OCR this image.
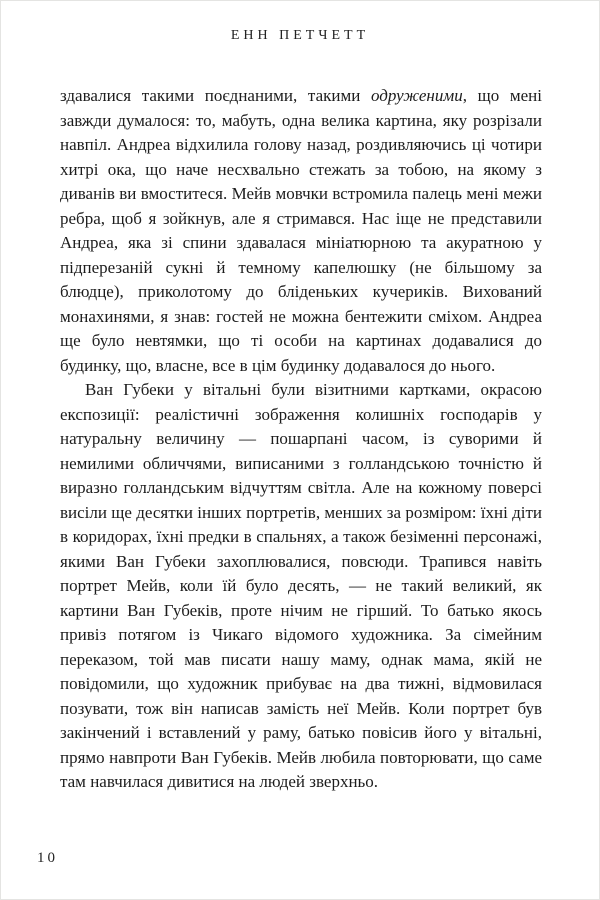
ЕНН ПЕТЧЕТТ

здавалися такими поєднаними, такими одруженими, що мені завжди думалося: то, мабуть, одна велика картина, яку розрізали навпіл. Андреа відхилила голову назад, роздивляючись ці чотири хитрі ока, що наче несхвально стежать за тобою, на якому з диванів ви вмоститеся. Мейв мовчки встромила палець мені межи ребра, щоб я зойкнув, але я стримався. Нас іще не представили Андреа, яка зі спини здавалася мініатюрною та акуратною у підперезаній сукні й темному капелюшку (не більшому за блюдце), приколотому до бліденьких кучериків. Вихований монахинями, я знав: гостей не можна бентежити сміхом. Андреа ще було невтямки, що ті особи на картинах додавалися до будинку, що, власне, все в цім будинку додавалося до нього.

Ван Губеки у вітальні були візитними картками, окрасою експозиції: реалістичні зображення колишніх господарів у натуральну величину — пошарпані часом, із суворими й немилими обличчями, виписаними з голландською точністю й виразно голландським відчуттям світла. Але на кожному поверсі висіли ще десятки інших портретів, менших за розміром: їхні діти в коридорах, їхні предки в спальнях, а також безіменні персонажі, якими Ван Губеки захоплювалися, повсюди. Трапився навіть портрет Мейв, коли їй було десять, — не такий великий, як картини Ван Губеків, проте нічим не гірший. То батько якось привіз потягом із Чикаго відомого художника. За сімейним переказом, той мав писати нашу маму, однак мама, якій не повідомили, що художник прибуває на два тижні, відмовилася позувати, тож він написав замість неї Мейв. Коли портрет був закінчений і вставлений у раму, батько повісив його у вітальні, прямо навпроти Ван Губеків. Мейв любила повторювати, що саме там навчилася дивитися на людей зверхньо.

10
